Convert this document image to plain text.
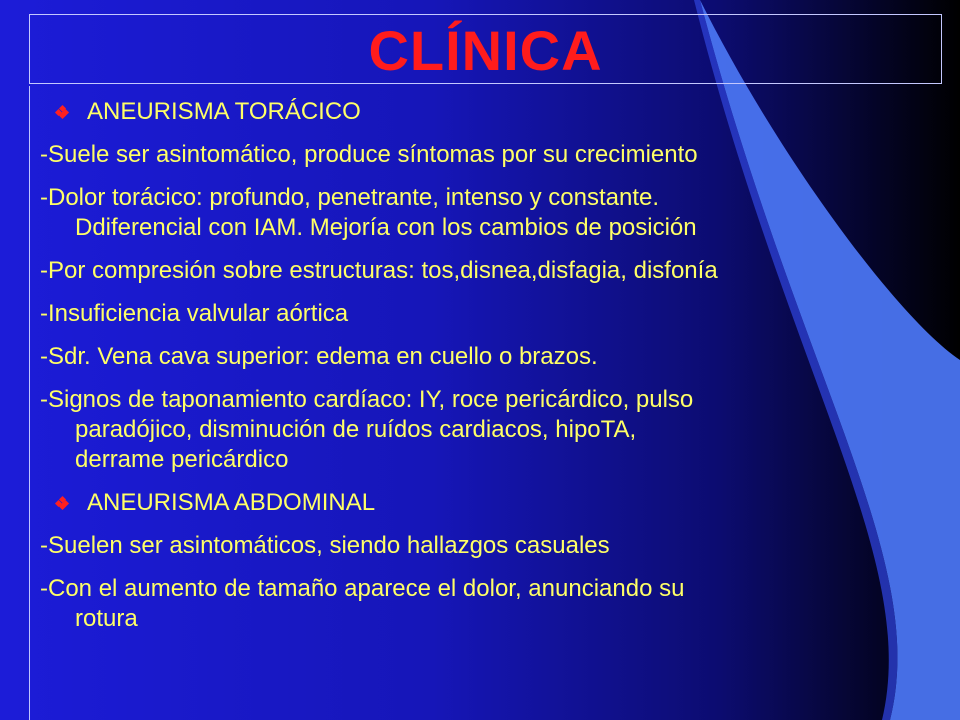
CLÍNICA
ANEURISMA TORÁCICO
-Suele ser asintomático, produce síntomas por su crecimiento
-Dolor torácico: profundo, penetrante, intenso y constante.
Ddiferencial con IAM. Mejoría con los cambios de posición
-Por compresión sobre estructuras: tos,disnea,disfagia, disfonía
-Insuficiencia valvular aórtica
-Sdr. Vena cava superior: edema en cuello o brazos.
-Signos de taponamiento cardíaco: IY, roce pericárdico, pulso
paradójico, disminución de ruídos cardiacos, hipoTA,
derrame pericárdico
ANEURISMA ABDOMINAL
-Suelen ser asintomáticos, siendo hallazgos casuales
-Con el aumento de tamaño aparece el dolor, anunciando su
rotura
